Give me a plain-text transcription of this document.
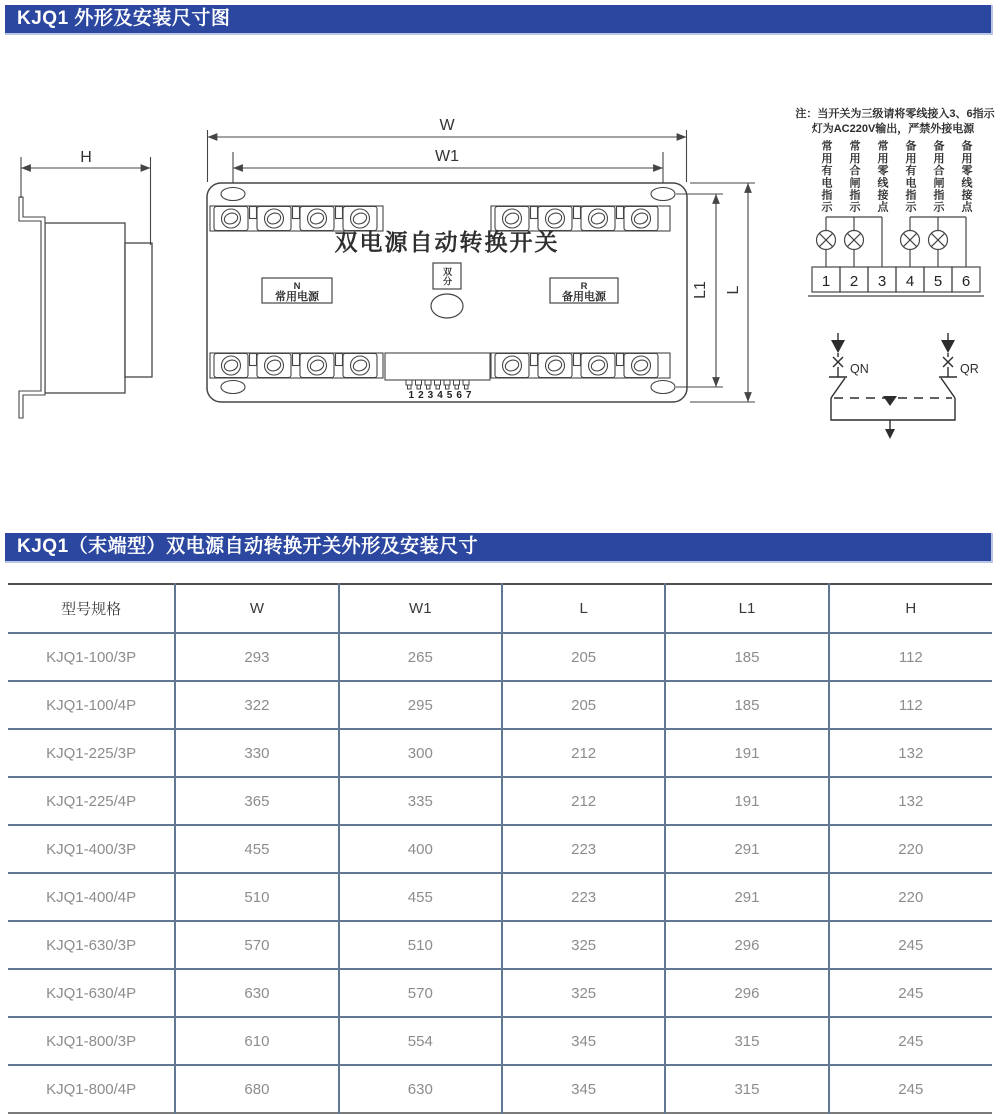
KJQ1 外形及安装尺寸图
H
双电源自动转换开关
N
常用电源
R
备用电源
1234567
W
W1
L1 L
注：当开关为三级请将零线接入3、6指示
灯为AC220V输出，严禁外接电源
1 2 3 4 5 6
QN	QR
常用有电指示 常用合闸指示 常用零线接点 备用有电指示 备用合闸指示 备用零线接点
双分
KJQ1（末端型）双电源自动转换开关外形及安装尺寸
型号规格	W	W1	L	L1	H
KJQ1-100/3P	293	265	205	185	112
KJQ1-100/4P	322	295	205	185	112
KJQ1-225/3P	330	300	212	191	132
KJQ1-225/4P	365	335	212	191	132
KJQ1-400/3P	455	400	223	291	220
KJQ1-400/4P	510	455	223	291	220
KJQ1-630/3P	570	510	325	296	245
KJQ1-630/4P	630	570	325	296	245
KJQ1-800/3P	610	554	345	315	245
KJQ1-800/4P	680	630	345	315	245
